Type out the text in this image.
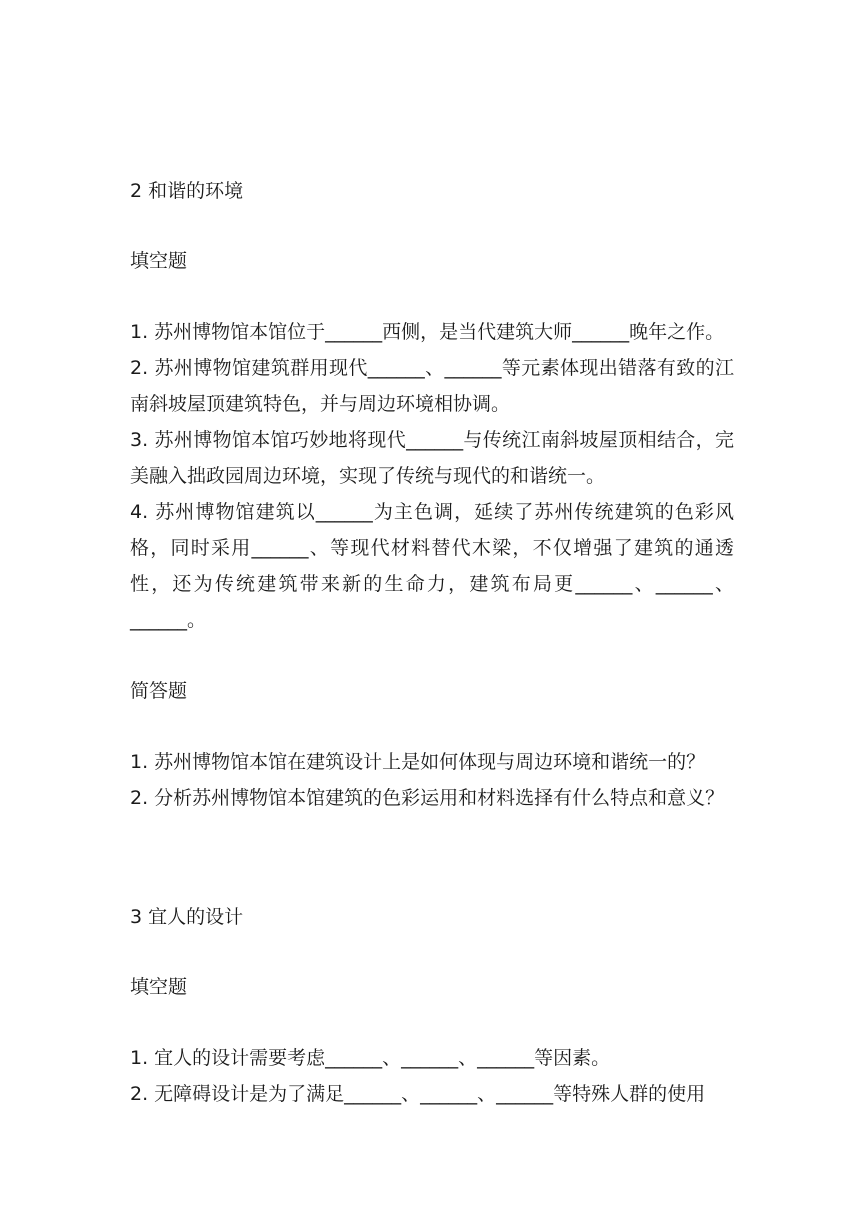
2 和谐的环境

填空题

1. 苏州博物馆本馆位于______西侧，是当代建筑大师______晚年之作。
2. 苏州博物馆建筑群用现代______、______等元素体现出错落有致的江南斜坡屋顶建筑特色，并与周边环境相协调。
3. 苏州博物馆本馆巧妙地将现代______与传统江南斜坡屋顶相结合，完美融入拙政园周边环境，实现了传统与现代的和谐统一。
4. 苏州博物馆建筑以______为主色调，延续了苏州传统建筑的色彩风格，同时采用______、等现代材料替代木梁，不仅增强了建筑的通透性，还为传统建筑带来新的生命力，建筑布局更______、______、______。

简答题

1. 苏州博物馆本馆在建筑设计上是如何体现与周边环境和谐统一的？
2. 分析苏州博物馆本馆建筑的色彩运用和材料选择有什么特点和意义？
3 宜人的设计

填空题

1. 宜人的设计需要考虑______、______、______等因素。
2. 无障碍设计是为了满足______、______、______等特殊人群的使用
